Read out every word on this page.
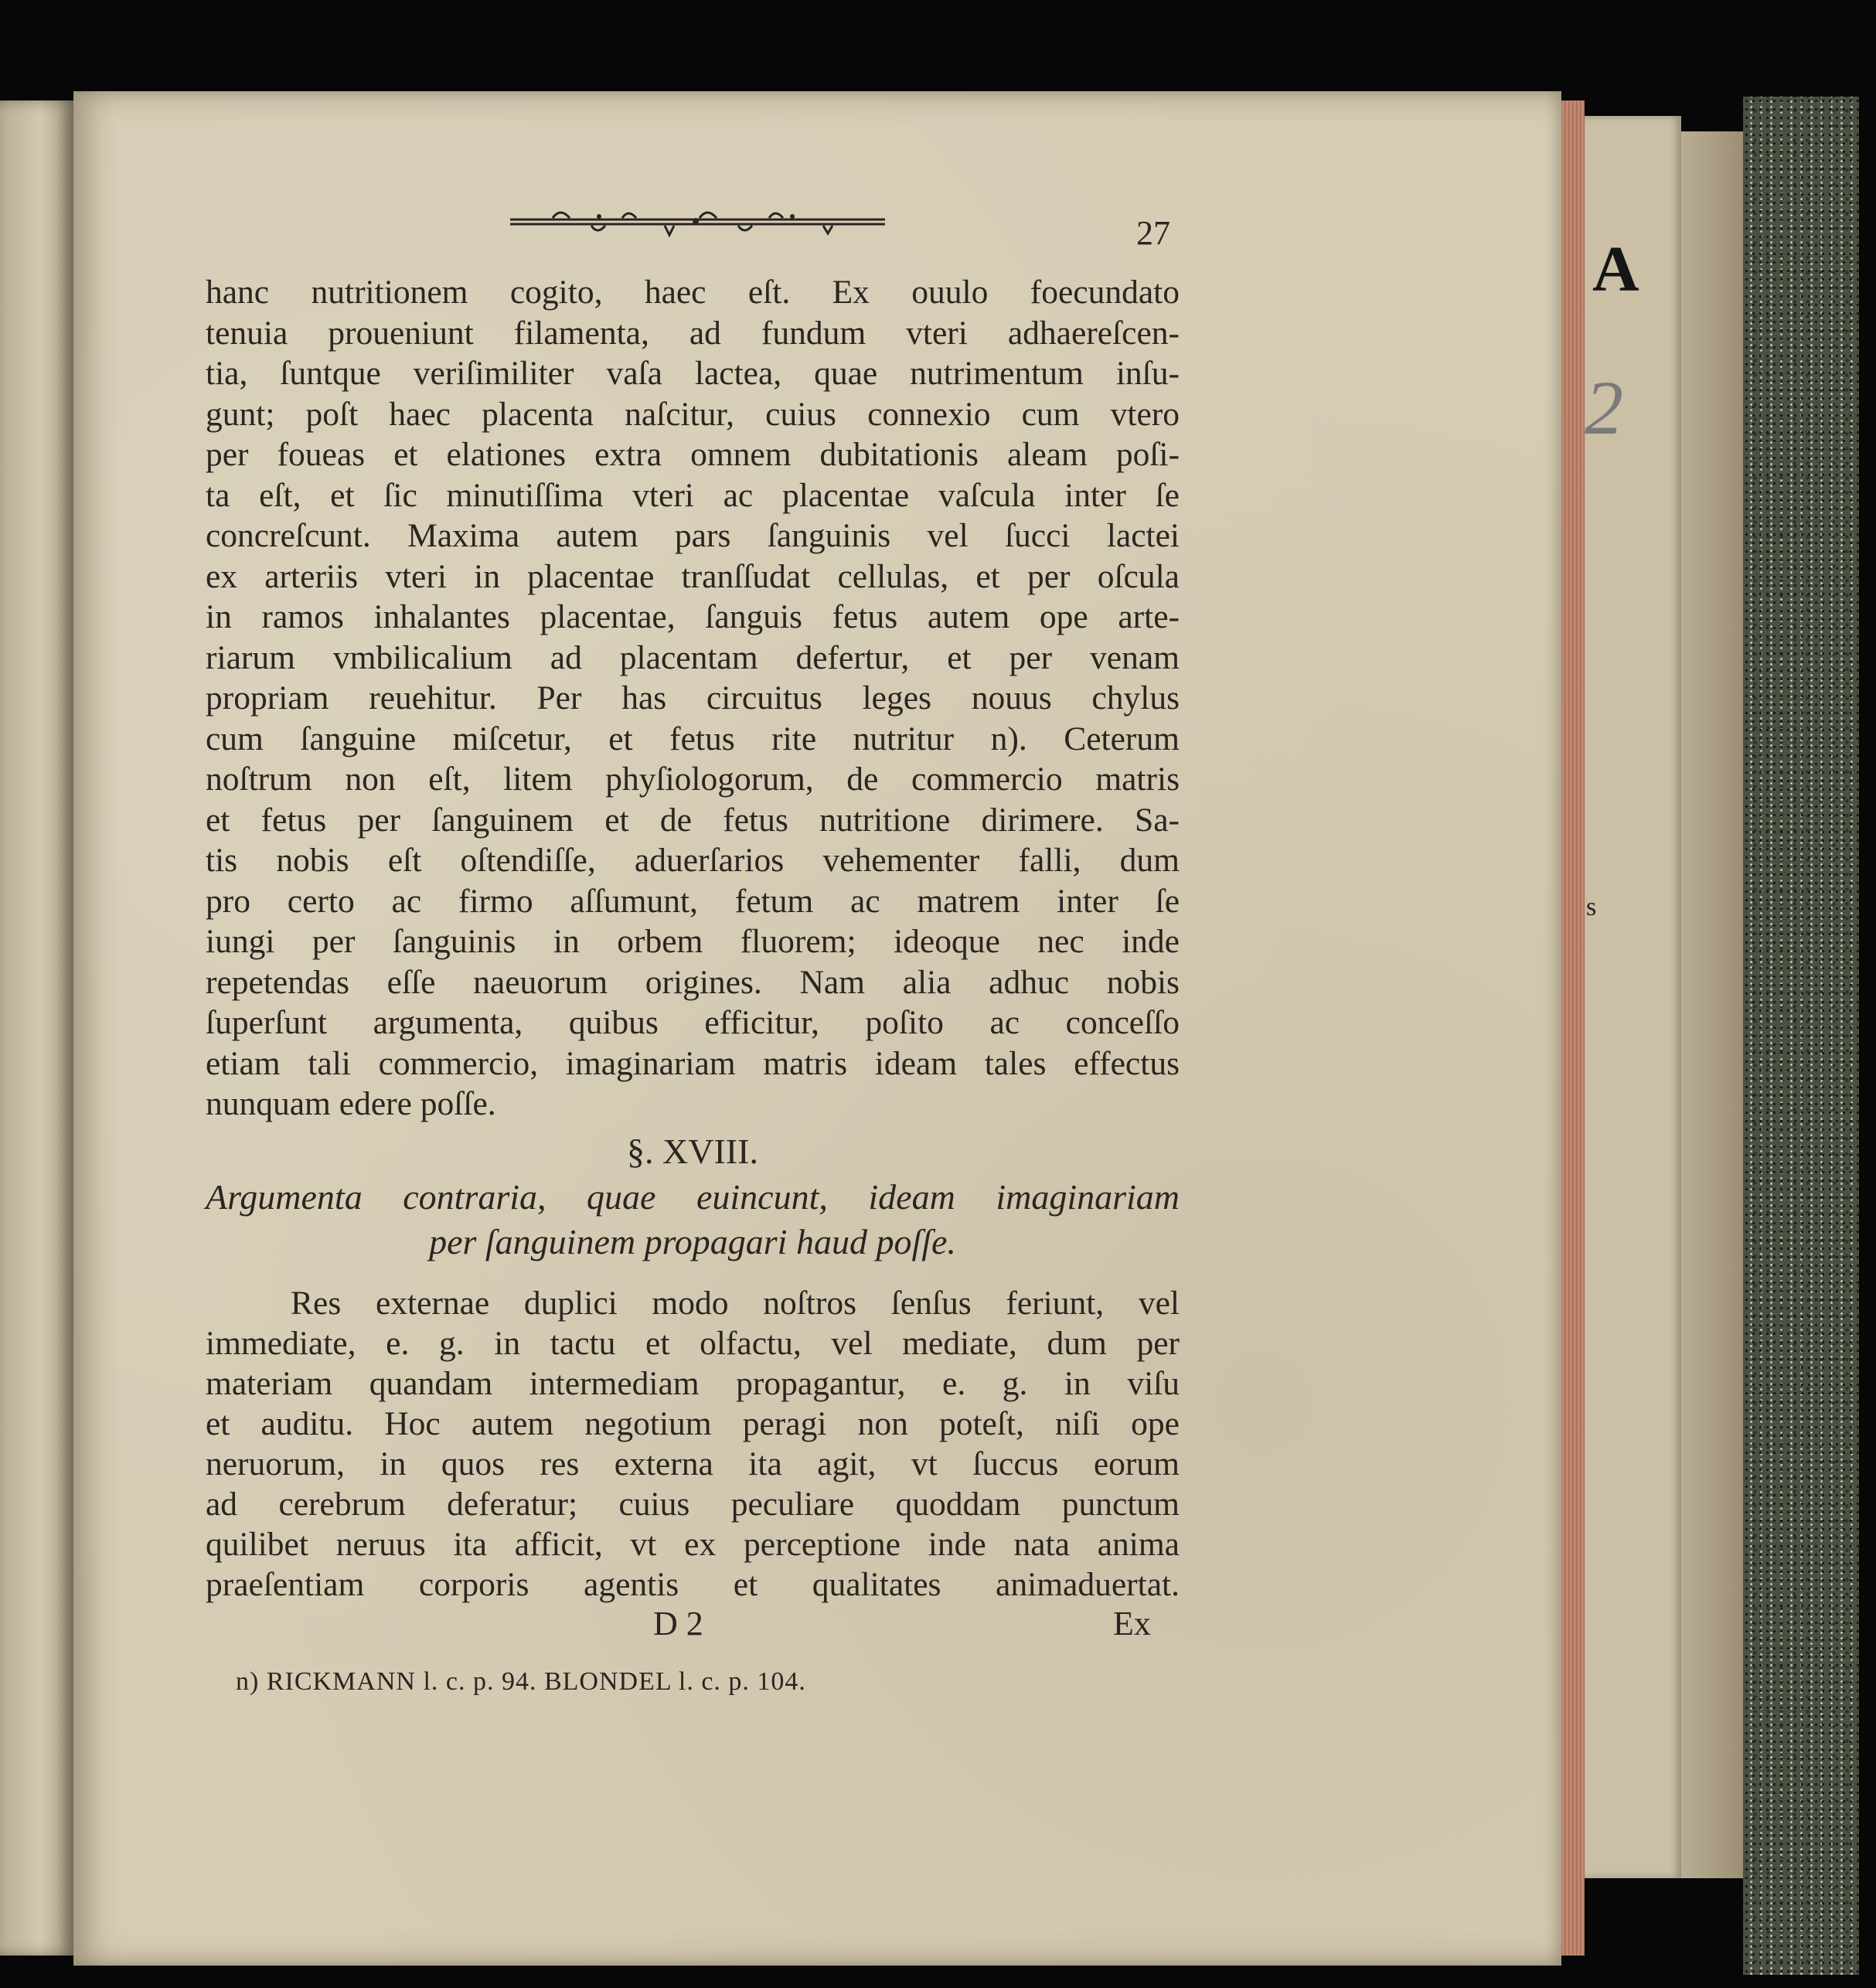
A
2
s
27
hanc nutritionem cogito, haec eſt. Ex ouulo foecundato
tenuia proueniunt filamenta, ad fundum vteri adhaereſcen-
tia, ſuntque veriſimiliter vaſa lactea, quae nutrimentum inſu-
gunt; poſt haec placenta naſcitur, cuius connexio cum vtero
per foueas et elationes extra omnem dubitationis aleam poſi-
ta eſt, et ſic minutiſſima vteri ac placentae vaſcula inter ſe
concreſcunt. Maxima autem pars ſanguinis vel ſucci lactei
ex arteriis vteri in placentae tranſſudat cellulas, et per oſcula
in ramos inhalantes placentae, ſanguis fetus autem ope arte-
riarum vmbilicalium ad placentam defertur, et per venam
propriam reuehitur. Per has circuitus leges nouus chylus
cum ſanguine miſcetur, et fetus rite nutritur n). Ceterum
noſtrum non eſt, litem phyſiologorum, de commercio matris
et fetus per ſanguinem et de fetus nutritione dirimere. Sa-
tis nobis eſt oſtendiſſe, aduerſarios vehementer falli, dum
pro certo ac firmo aſſumunt, fetum ac matrem inter ſe
iungi per ſanguinis in orbem fluorem; ideoque nec inde
repetendas eſſe naeuorum origines. Nam alia adhuc nobis
ſuperſunt argumenta, quibus efficitur, poſito ac conceſſo
etiam tali commercio, imaginariam matris ideam tales effectus
nunquam edere poſſe.
§. XVIII.
Argumenta contraria, quae euincunt, ideam imaginariam
per ſanguinem propagari haud poſſe.
Res externae duplici modo noſtros ſenſus feriunt, vel
immediate, e. g. in tactu et olfactu, vel mediate, dum per
materiam quandam intermediam propagantur, e. g. in viſu
et auditu. Hoc autem negotium peragi non poteſt, niſi ope
neruorum, in quos res externa ita agit, vt ſuccus eorum
ad cerebrum deferatur; cuius peculiare quoddam punctum
quilibet neruus ita afficit, vt ex perceptione inde nata anima
praeſentiam corporis agentis et qualitates animaduertat.
D 2	Ex
n) RICKMANN l. c. p. 94. BLONDEL l. c. p. 104.
